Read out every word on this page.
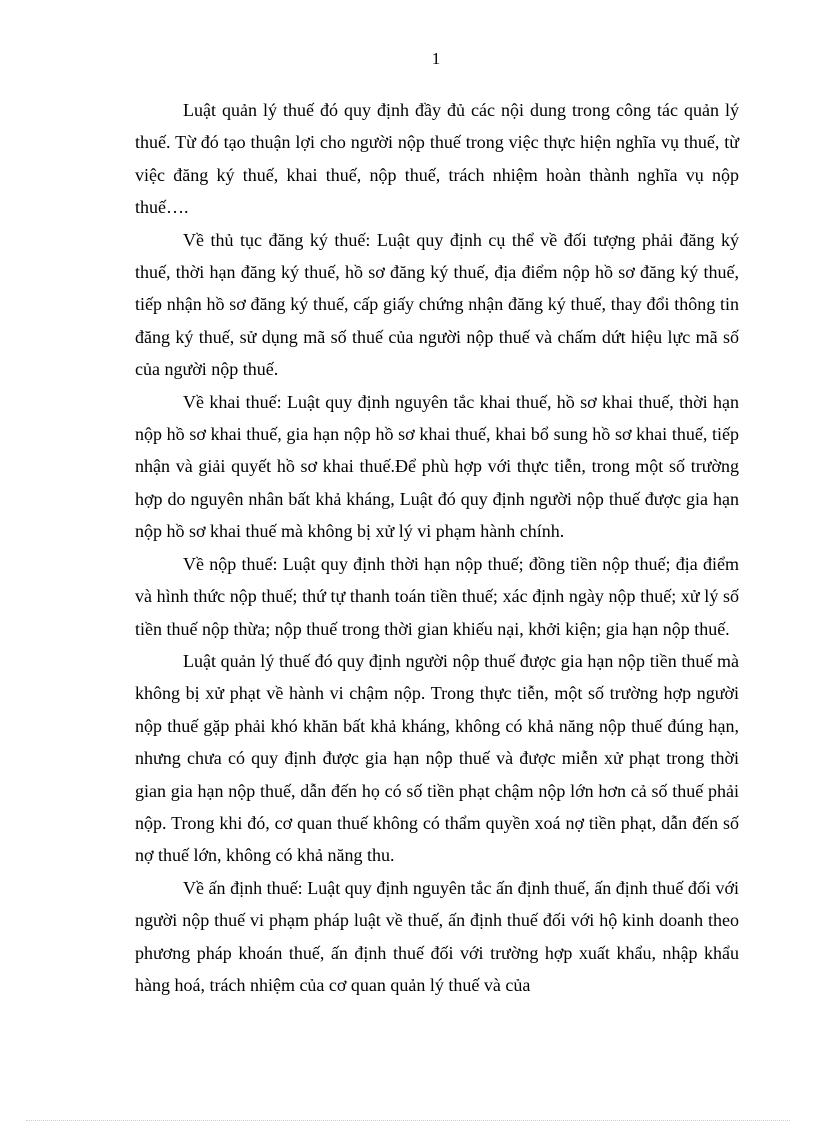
1

Luật quản lý thuế đó quy định đầy đủ các nội dung trong công tác quản lý thuế. Từ đó tạo thuận lợi cho người nộp thuế trong việc thực hiện nghĩa vụ thuế, từ việc đăng ký thuế, khai thuế, nộp thuế, trách nhiệm hoàn thành nghĩa vụ nộp thuế….

Về thủ tục đăng ký thuế: Luật quy định cụ thể về đối tượng phải đăng ký thuế, thời hạn đăng ký thuế, hồ sơ đăng ký thuế, địa điểm nộp hồ sơ đăng ký thuế, tiếp nhận hồ sơ đăng ký thuế, cấp giấy chứng nhận đăng ký thuế, thay đổi thông tin đăng ký thuế, sử dụng mã số thuế của người nộp thuế và chấm dứt hiệu lực mã số của người nộp thuế.

Về khai thuế: Luật quy định nguyên tắc khai thuế, hồ sơ khai thuế, thời hạn nộp hồ sơ khai thuế, gia hạn nộp hồ sơ khai thuế, khai bổ sung hồ sơ khai thuế, tiếp nhận và giải quyết hồ sơ khai thuế.Để phù hợp với thực tiễn, trong một số trường hợp do nguyên nhân bất khả kháng, Luật đó quy định người nộp thuế được gia hạn nộp hồ sơ khai thuế mà không bị xử lý vi phạm hành chính.

Về nộp thuế: Luật quy định thời hạn nộp thuế; đồng tiền nộp thuế; địa điểm và hình thức nộp thuế; thứ tự thanh toán tiền thuế; xác định ngày nộp thuế; xử lý số tiền thuế nộp thừa; nộp thuế trong thời gian khiếu nại, khởi kiện; gia hạn nộp thuế.

Luật quản lý thuế đó quy định người nộp thuế được gia hạn nộp tiền thuế mà không bị xử phạt về hành vi chậm nộp. Trong thực tiễn, một số trường hợp người nộp thuế gặp phải khó khăn bất khả kháng, không có khả năng nộp thuế đúng hạn, nhưng chưa có quy định được gia hạn nộp thuế và được miễn xử phạt trong thời gian gia hạn nộp thuế, dẫn đến họ có số tiền phạt chậm nộp lớn hơn cả số thuế phải nộp. Trong khi đó, cơ quan thuế không có thẩm quyền xoá nợ tiền phạt, dẫn đến số nợ thuế lớn, không có khả năng thu.

Về ấn định thuế: Luật quy định nguyên tắc ấn định thuế, ấn định thuế đối với người nộp thuế vi phạm pháp luật về thuế, ấn định thuế đối với hộ kinh doanh theo phương pháp khoán thuế, ấn định thuế đối với trường hợp xuất khẩu, nhập khẩu hàng hoá, trách nhiệm của cơ quan quản lý thuế và của
